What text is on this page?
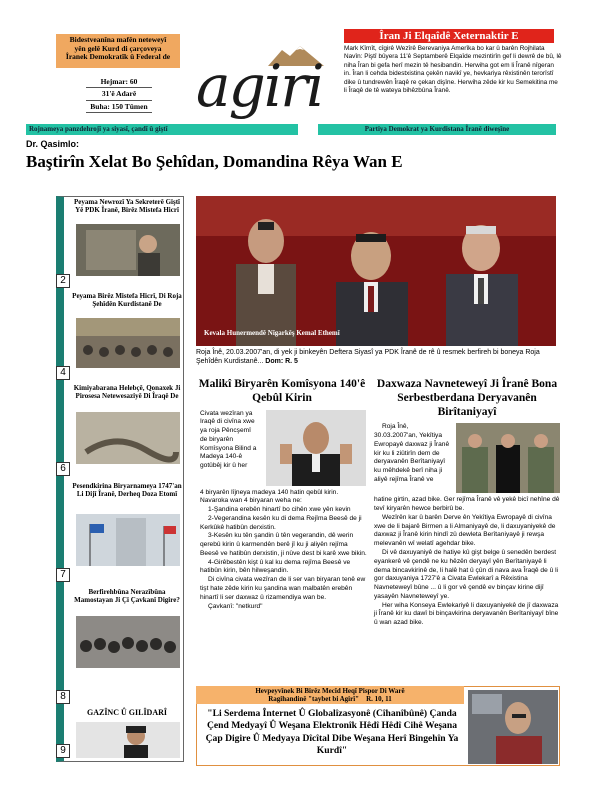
Bidestveanîna mafên neteweyî
yên gelê Kurd di çarçoveya
Îranek Demokratîk û Federal de
Hejmar: 60
31'ê Adarê
Buha: 150 Tûmen agiri
Îran Ji Elqaîdê Xeternaktir E
Mark Kîmît, cîgirê Wezîrê Berevaniya Amerîka bo kar û barên Rojhilata Navîn: Piştî bûyera 11'ê Septamberê Elqaîde mezintirîn gef li dewrê de bû, lê niha Îran bi gefa herî mezin tê hesibandin. Herwiha got em li Îranê nîgeran in. Îran li cehda bidestxistina çekên navikî ye, hevkariya rêxistinên terorîstî dike û tundrewên Îraqê re çekan dişîne. Herwiha zêde kir ku Semekitina me li Îraqê de tê wateya bihêzbûna Îranê.
Rojnameya panzdehrojî ya siyasî, çandî û giştî	Partiya Demokrat ya Kurdistana Îranê diweşîne
Dr. Qasimlo:
Baştirîn Xelat Bo Şehîdan, Domandina Rêya Wan E
Peyama Newrozî Ya Sekreterê Giştî Yê PDK Îranê, Birêz Mistefa Hicrî
2
Peyama Birêz Mistefa Hicrî, Di Roja Şehîdên Kurdistanê De
4
Kimiyabarana Helebçê, Qonaxek Ji Pirosesa Netewesaziyê Di Îraqê De
6
Pesendkirina Biryarnameya 1747'an Li Dijî Îranê, Derheq Doza Etomî
7
Berfirehbûna Nerazîbûna Mamostayan Ji Çi Çavkanî Digire?
8
GAZÎNC Û GILÎDARÎ
9
Kevala Hunermendê Nîgarkêş Kemal Ethemî
Roja Înê, 20.03.2007'an, di yek ji binkeyên Deftera Siyasî ya PDK Îranê de rê û resmek berfireh bi boneya Roja Şehîdên Kurdistanê... Dom: R. 5
Malikî Biryarên Komîsyona 140'ê Qebûl Kirin
Civata wezîran ya Iraqê di civîna xwe ya roja Pêncşemî de biryarên Komîsyona Bilind a Madeya 140-ê gotûbêj kir û her
4 biryarên lîjneya madeya 140 hatin qebûl kirin. Navaroka wan 4 biryaran weha ne:
1-Şandina erebên hinartî bo cihên xwe yên kevin
2-Vegerandina kesên ku di dema Rejîma Beesê de ji Kerkûkê hatibûn derxistin.
3-Kesên ku tên şandin û tên vegerandin, dê werin qerebû kirin û karmendên berê jî ku ji aliyên rejîma Beesê ve hatibûn derxistin, ji nûve dest bi karê xwe bikin.
4-Girêbestên kişt û kal ku dema rejîma Beesê ve hatibûn kirin, bên hilweşandin.
Di civîna civata wezîran de li ser van biryaran tenê ew tişt hate zêde kirin ku şandina wan malbatên erebên hinartî li ser daxwaz û rizamendiya wan be.
Çavkanî: "netkurd"
Daxwaza Navneteweyî Ji Îranê Bona Serbestberdana Deryavanên Birîtaniyayî
Roja Înê, 30.03.2007'an, Yekîtiya Ewropayê daxwaz ji Îranê kir ku li ziûtirîn dem de deryavanên Berîtaniyayî ku mêhdekê berî niha ji aliyê rejîma Îranê ve
hatine girtin, azad bike. Ger rejîma Îranê vê yekê bicî nehîne dê tevî kiryarên hewce berbirû be.
Wezîrên kar û barên Derve ên Yekîtiya Ewropayê di civîna xwe de li bajarê Birmen a li Almaniyayê de, li daxuyaniyekê de daxwaz ji Îranê kirin hindî zû dewleta Berîtaniyayê ji rewşa melevanên wî welatî agehdar bike.
Di vê daxuyaniyê de hatiye kû gişt belge û senedên berdest eyankerê vê çendê ne ku hêzên deryayî yên Berîtaniyayê li dema bincavkirinê de, li halê hat û çûn di nava ava Îraqê de û li gor daxuyaniya 1727'ê a Civata Ewlekarî a Rêxistina Navneteweyî bûne ... û li gor vê çendê ev binçav kirine dijî yasayên Navneteweyî ye.
Her wiha Konseya Ewlekariyê li daxuyaniyekê de jî daxwaza ji Îranê kir ku dawî bi binçavkirina deryavanên Berîtaniyayî bîne û wan azad bike.
Hevpeyvînek Bi Birêz Mecîd Heqî Pispor Di Warê
Ragihandinê "taybet bi Agirî" R. 10, 11
"Li Serdema Înternet Û Globalîzasyonê (Cîhanîbûnê) Çanda Çend Medyayî Û Weşana Elektronîk Hêdî Hêdî Cihê Weşana Çap Digire Û Medyaya Dîcîtal Dibe Weşana Herî Bingehîn Ya Kurdî"
